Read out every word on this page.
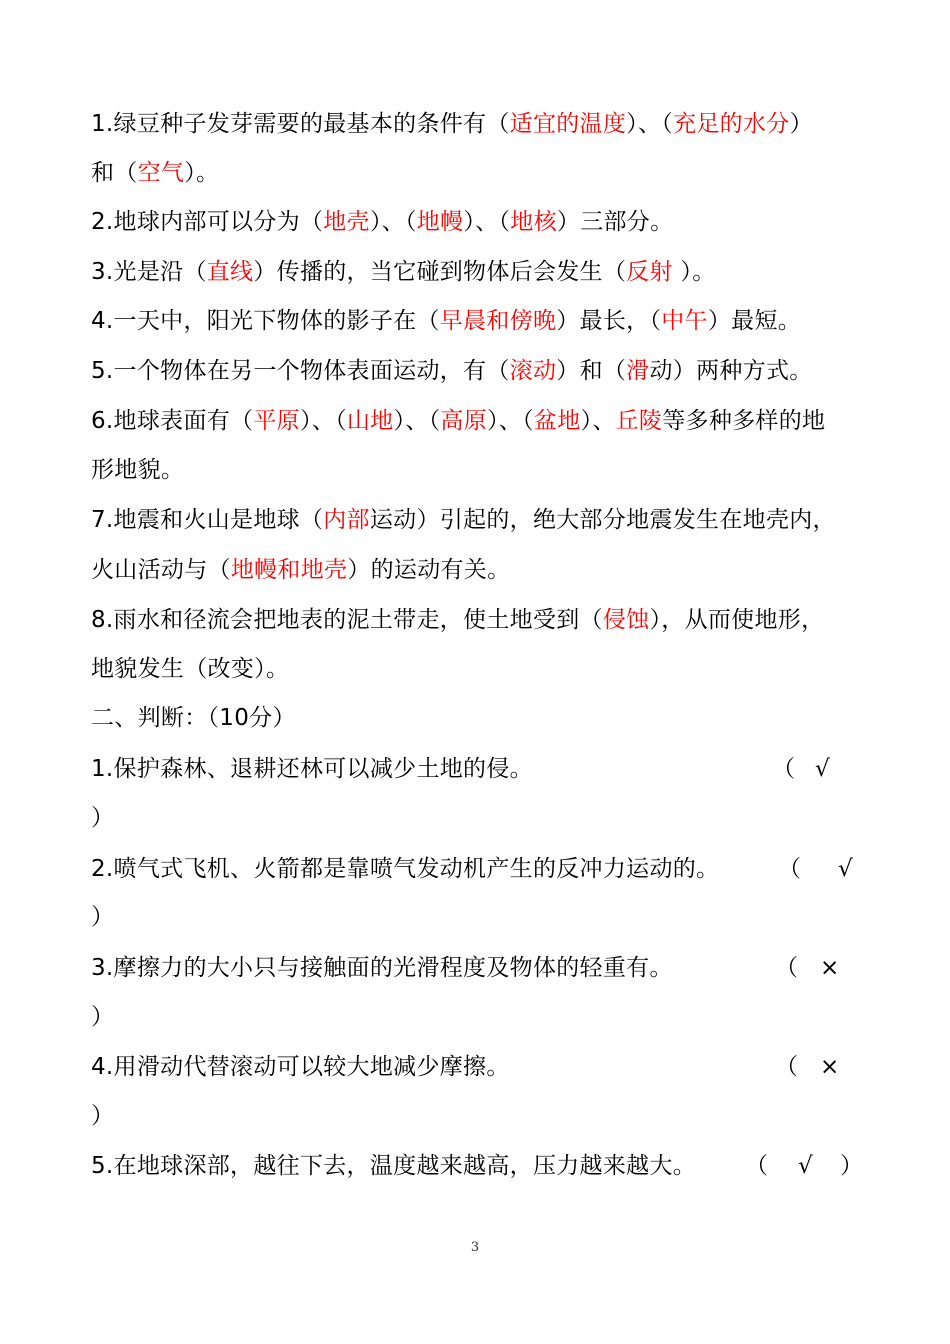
1.绿豆种子发芽需要的最基本的条件有（适宜的温度）、（充足的水分）
和（空气）。
2.地球内部可以分为（地壳）、（地幔）、（地核）三部分。
3.光是沿（直线）传播的，当它碰到物体后会发生（反射 ）。
4.一天中，阳光下物体的影子在（早晨和傍晚）最长，（中午）最短。
5.一个物体在另一个物体表面运动，有（滚动）和（滑动）两种方式。
6.地球表面有（平原）、（山地）、（高原）、（盆地）、丘陵等多种多样的地
形地貌。
7.地震和火山是地球（内部运动）引起的，绝大部分地震发生在地壳内，
火山活动与（地幔和地壳）的运动有关。
8.雨水和径流会把地表的泥土带走，使土地受到（侵蚀），从而使地形，
地貌发生（改变）。
二、判断：（10分）
1.保护森林、退耕还林可以减少土地的侵。	（ √
）
2.喷气式飞机、火箭都是靠喷气发动机产生的反冲力运动的。	（ √
）
3.摩擦力的大小只与接触面的光滑程度及物体的轻重有。	（ ×
）
4.用滑动代替滚动可以较大地减少摩擦。	（ ×
）
5.在地球深部，越往下去，温度越来越高，压力越来越大。	（ √ ）
3
